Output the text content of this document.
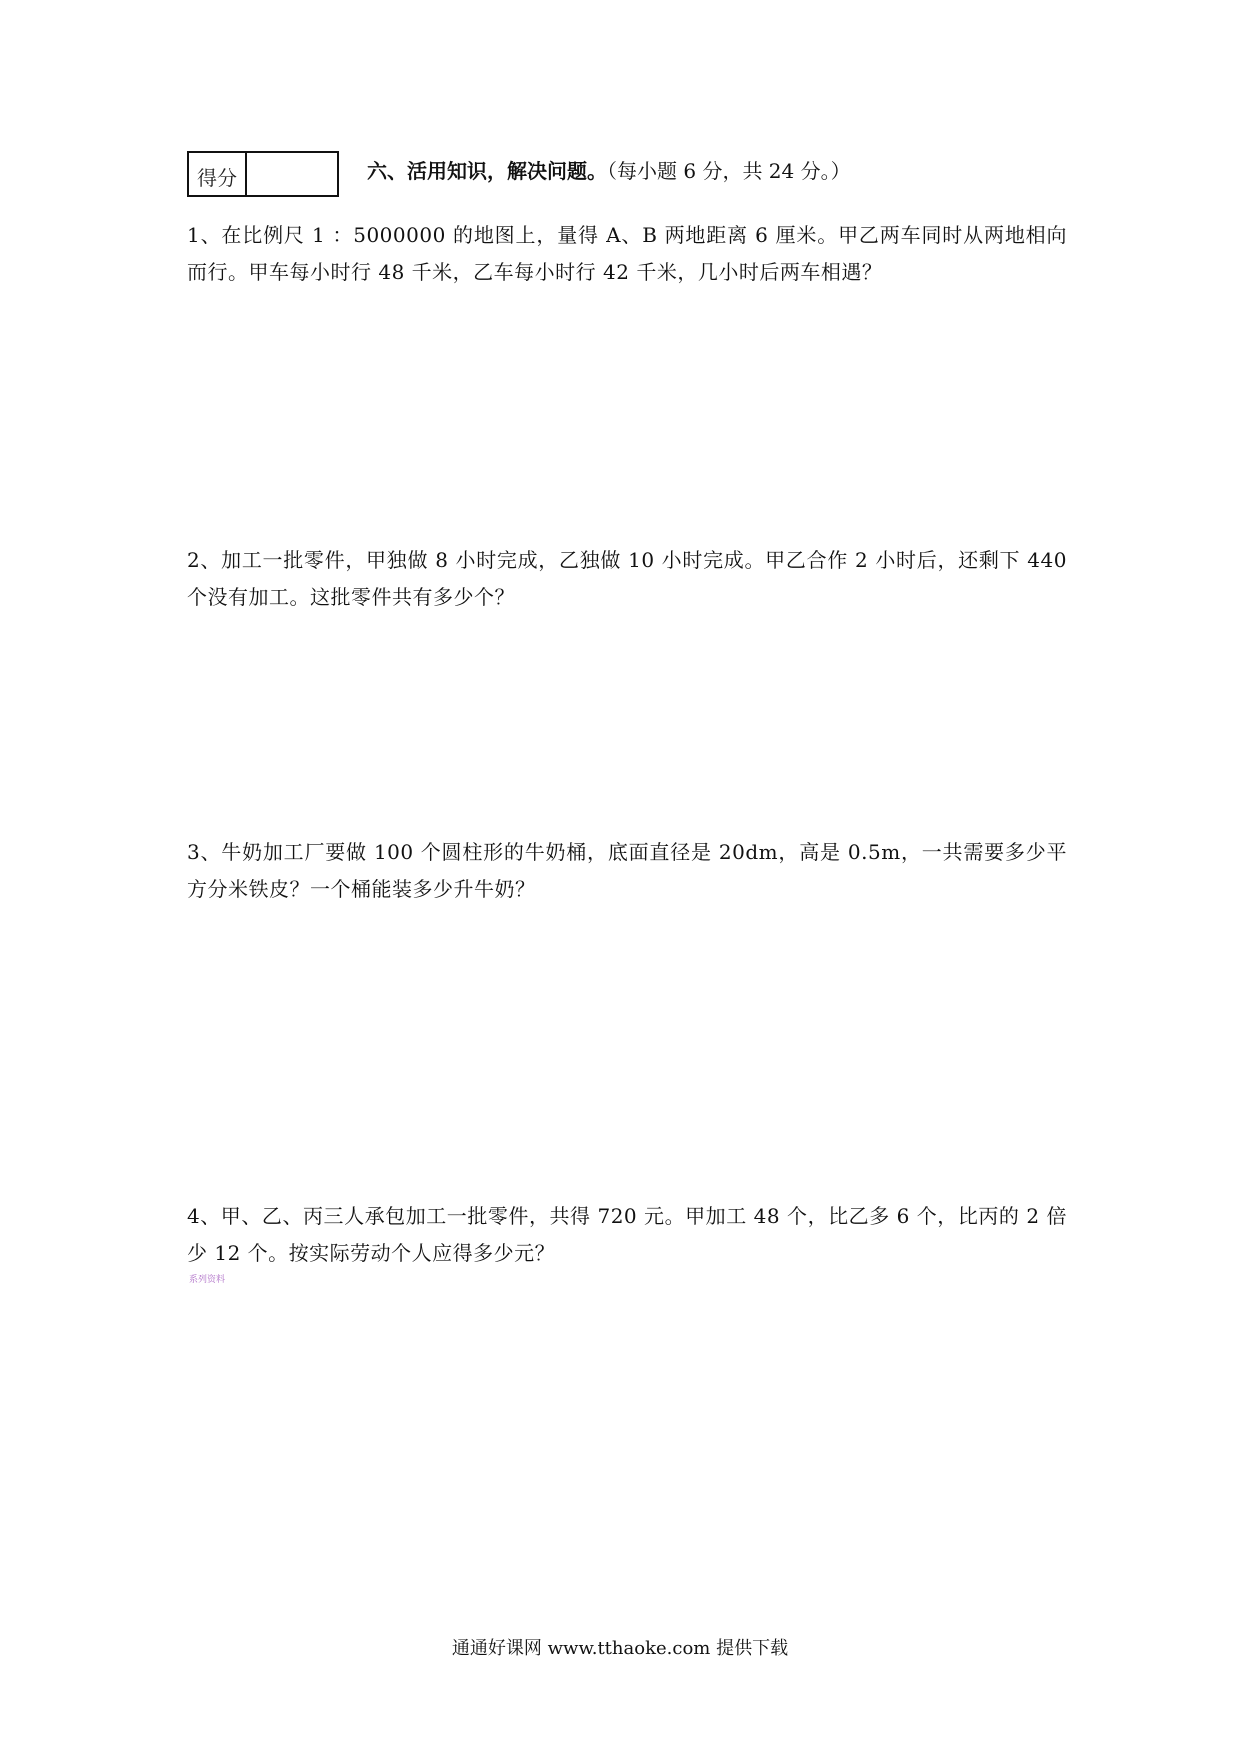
得分	六、活用知识，解决问题。（每小题 6 分，共 24 分。）
1、在比例尺 1 ：5000000 的地图上，量得 A、B 两地距离 6 厘米。甲乙两车同时从两地相向而行。甲车每小时行 48 千米，乙车每小时行 42 千米，几小时后两车相遇？
2、加工一批零件，甲独做 8 小时完成，乙独做 10 小时完成。甲乙合作 2 小时后，还剩下 440 个没有加工。这批零件共有多少个？
3、牛奶加工厂要做 100 个圆柱形的牛奶桶，底面直径是 20dm，高是 0.5m，一共需要多少平方分米铁皮？一个桶能装多少升牛奶？
4、甲、乙、丙三人承包加工一批零件，共得 720 元。甲加工 48 个，比乙多 6 个，比丙的 2 倍少 12 个。按实际劳动个人应得多少元？
系列资料
通通好课网 www.tthaoke.com 提供下载
